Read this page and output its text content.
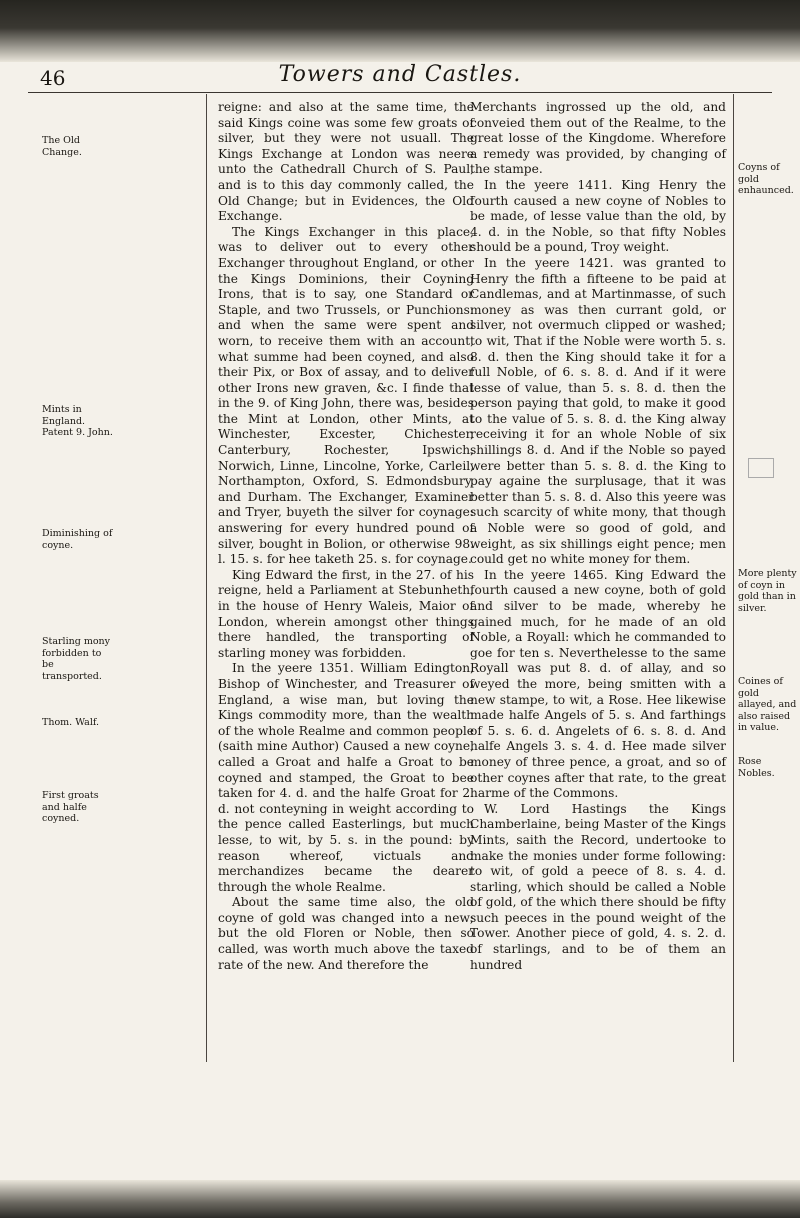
46	Towers and Castles.
The Old Change.
Mints in England. Patent 9. John.
Diminishing of coyne.
Starling mony forbidden to be transported.
Thom. Walf.
First groats and halfe coyned.
Coyns of gold enhaunced.
More plenty of coyn in gold than in silver.
Coines of gold allayed, and also raised in value.
Rose Nobles.

reigne: and also at the same time, the said Kings coine was some few groats of silver, but they were not usuall. The Kings Exchange at London was neere unto the Cathedrall Church of S. Paul, and is to this day commonly called, the Old Change; but in Evidences, the Old Exchange.

The Kings Exchanger in this place, was to deliver out to every other Exchanger throughout England, or other the Kings Dominions, their Coyning Irons, that is to say, one Standard or Staple, and two Trussels, or Punchions: and when the same were spent and worn, to receive them with an account, what summe had been coyned, and also their Pix, or Box of assay, and to deliver other Irons new graven, &c. I finde that in the 9. of King John, there was, besides the Mint at London, other Mints, at Winchester, Excester, Chichester, Canterbury, Rochester, Ipswich, Norwich, Linne, Lincolne, Yorke, Carleil, Northampton, Oxford, S. Edmondsbury, and Durham. The Exchanger, Examiner and Tryer, buyeth the silver for coynage: answering for every hundred pound of silver, bought in Bolion, or otherwise 98. l. 15. s. for hee taketh 25. s. for coynage.

King Edward the first, in the 27. of his reigne, held a Parliament at Stebunheth, in the house of Henry Waleis, Maior of London, wherein amongst other things there handled, the transporting of starling money was forbidden.

In the yeere 1351. William Edington, Bishop of Winchester, and Treasurer of England, a wise man, but loving the Kings commodity more, than the wealth of the whole Realme and common people (saith mine Author) Caused a new coyne, called a Groat and halfe a Groat to be coyned and stamped, the Groat to bee taken for 4. d. and the halfe Groat for 2. d. not conteyning in weight according to the pence called Easterlings, but much lesse, to wit, by 5. s. in the pound: by reason whereof, victuals and merchandizes became the dearer through the whole Realme.

About the same time also, the old coyne of gold was changed into a new; but the old Floren or Noble, then so called, was worth much above the taxed rate of the new. And therefore the

Merchants ingrossed up the old, and conveied them out of the Realme, to the great losse of the Kingdome. Wherefore a remedy was provided, by changing of the stampe.

In the yeere 1411. King Henry the fourth caused a new coyne of Nobles to be made, of lesse value than the old, by 4. d. in the Noble, so that fifty Nobles should be a pound, Troy weight.

In the yeere 1421. was granted to Henry the fifth a fifteene to be paid at Candlemas, and at Martinmasse, of such money as was then currant gold, or silver, not overmuch clipped or washed; to wit, That if the Noble were worth 5. s. 8. d. then the King should take it for a full Noble, of 6. s. 8. d. And if it were lesse of value, than 5. s. 8. d. then the person paying that gold, to make it good to the value of 5. s. 8. d. the King alway receiving it for an whole Noble of six shillings 8. d. And if the Noble so payed were better than 5. s. 8. d. the King to pay againe the surplusage, that it was better than 5. s. 8. d. Also this yeere was such scarcity of white mony, that though a Noble were so good of gold, and weight, as six shillings eight pence; men could get no white money for them.

In the yeere 1465. King Edward the fourth caused a new coyne, both of gold and silver to be made, whereby he gained much, for he made of an old Noble, a Royall: which he commanded to goe for ten s. Neverthelesse to the same Royall was put 8. d. of allay, and so weyed the more, being smitten with a new stampe, to wit, a Rose. Hee likewise made halfe Angels of 5. s. And farthings of 5. s. 6. d. Angelets of 6. s. 8. d. And halfe Angels 3. s. 4. d. Hee made silver money of three pence, a groat, and so of other coynes after that rate, to the great harme of the Commons.

W. Lord Hastings the Kings Chamberlaine, being Master of the Kings Mints, saith the Record, undertooke to make the monies under forme following: to wit, of gold a peece of 8. s. 4. d. starling, which should be called a Noble of gold, of the which there should be fifty such peeces in the pound weight of the Tower. Another piece of gold, 4. s. 2. d. of starlings, and to be of them an hundred
